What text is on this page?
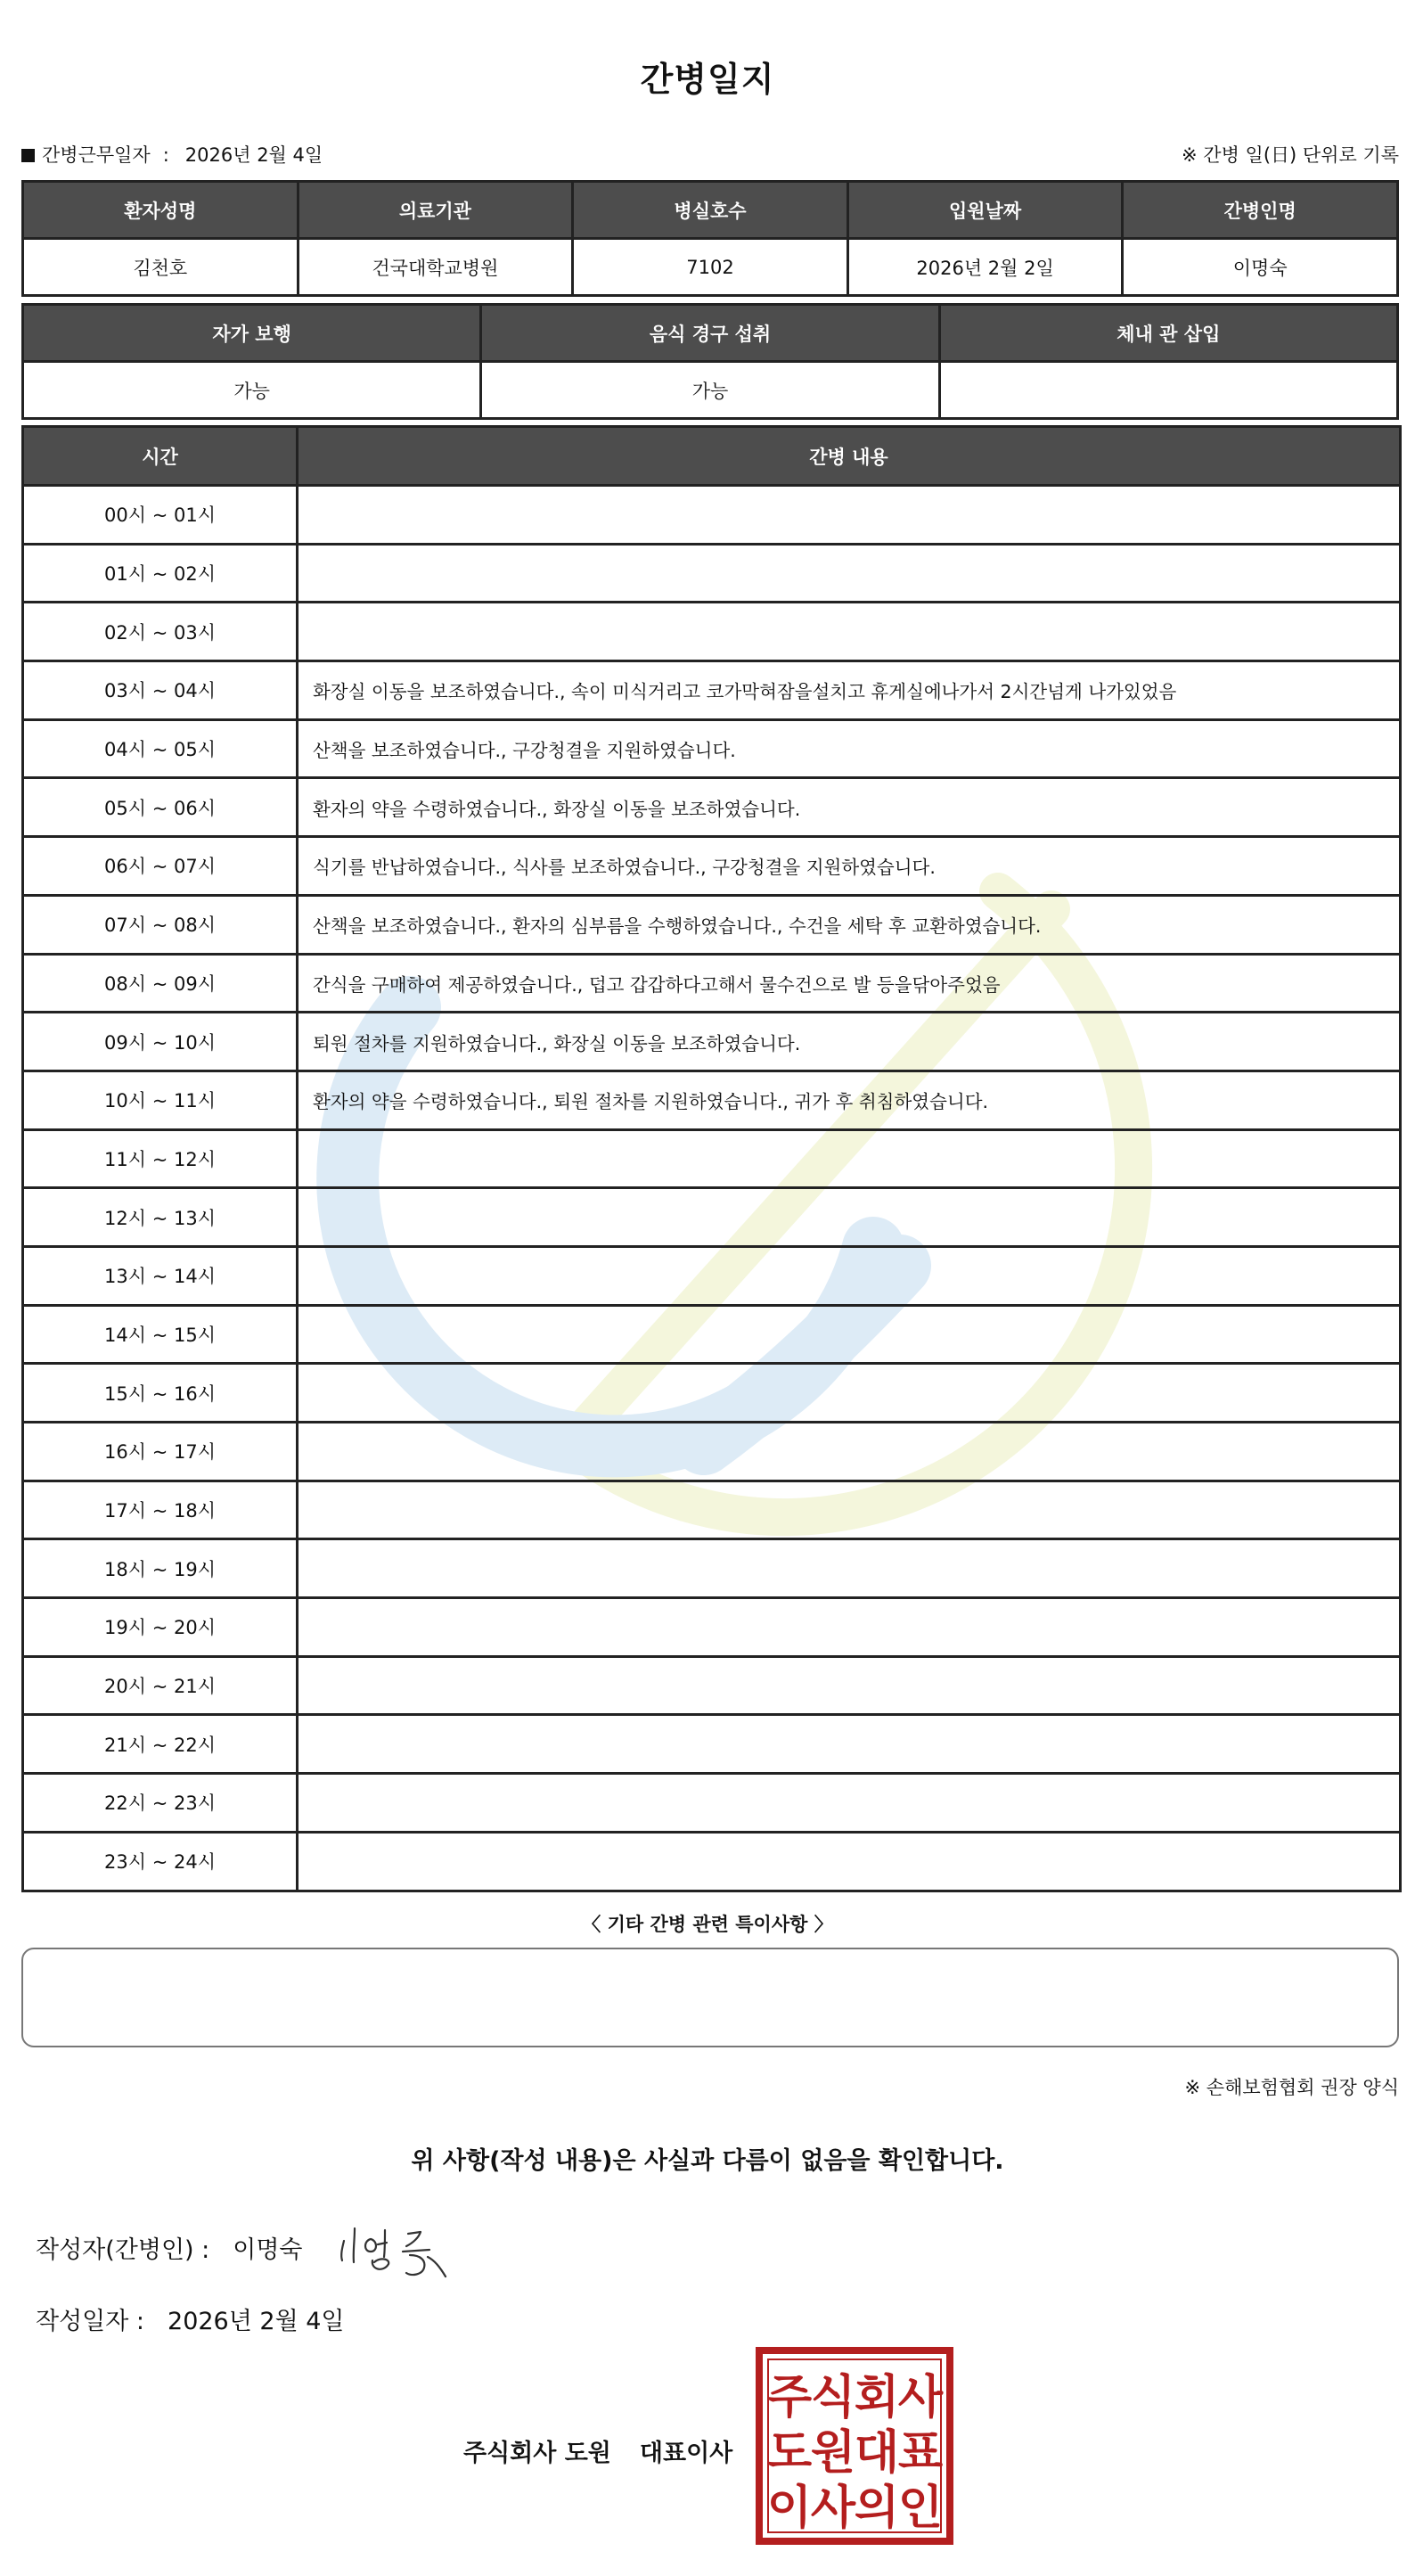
간병일지
간병근무일자 : 2026년 2월 4일	※ 간병 일(日) 단위로 기록
환자성명	의료기관	병실호수	입원날짜	간병인명
김천호	건국대학교병원	7102	2026년 2월 2일	이명숙
자가 보행	음식 경구 섭취	체내 관 삽입
가능	가능	
시간	간병 내용
00시 ~ 01시	
01시 ~ 02시	
02시 ~ 03시	
03시 ~ 04시	화장실 이동을 보조하였습니다., 속이 미식거리고 코가막혀잠을설치고 휴게실에나가서 2시간넘게 나가있었음
04시 ~ 05시	산책을 보조하였습니다., 구강청결을 지원하였습니다.
05시 ~ 06시	환자의 약을 수령하였습니다., 화장실 이동을 보조하였습니다.
06시 ~ 07시	식기를 반납하였습니다., 식사를 보조하였습니다., 구강청결을 지원하였습니다.
07시 ~ 08시	산책을 보조하였습니다., 환자의 심부름을 수행하였습니다., 수건을 세탁 후 교환하였습니다.
08시 ~ 09시	간식을 구매하여 제공하였습니다., 덥고 갑갑하다고해서 물수건으로 발 등을닦아주었음
09시 ~ 10시	퇴원 절차를 지원하였습니다., 화장실 이동을 보조하였습니다.
10시 ~ 11시	환자의 약을 수령하였습니다., 퇴원 절차를 지원하였습니다., 귀가 후 취침하였습니다.
11시 ~ 12시	
12시 ~ 13시	
13시 ~ 14시	
14시 ~ 15시	
15시 ~ 16시	
16시 ~ 17시	
17시 ~ 18시	
18시 ~ 19시	
19시 ~ 20시	
20시 ~ 21시	
21시 ~ 22시	
22시 ~ 23시	
23시 ~ 24시	
〈 기타 간병 관련 특이사항 〉
※ 손해보험협회 권장 양식
위 사항(작성 내용)은 사실과 다름이 없음을 확인합니다.
작성자(간병인) : 이명숙
작성일자 : 2026년 2월 4일
주식회사 도원 대표이사
주
식
회
사
도
원
대
표
이
사
의
인
